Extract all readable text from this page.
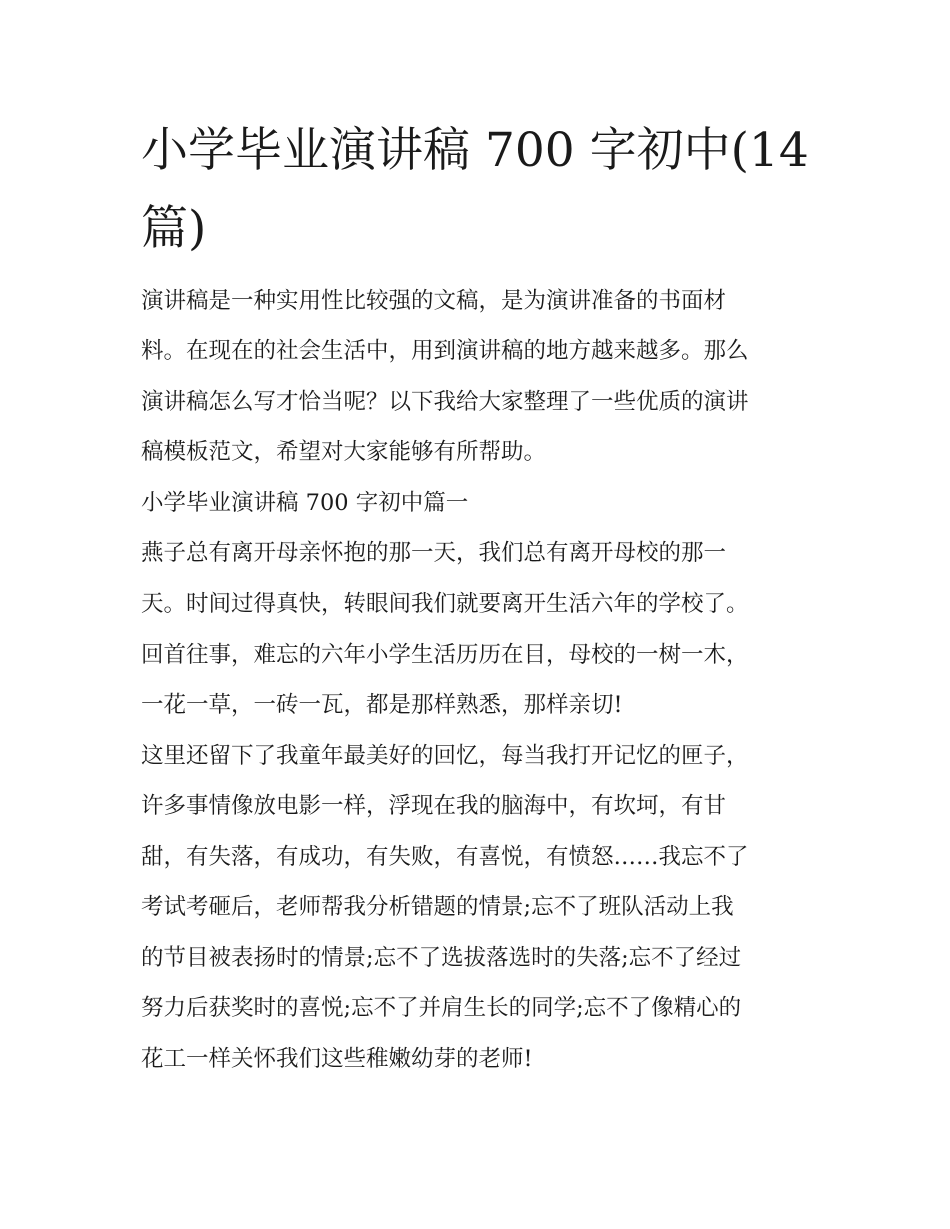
小学毕业演讲稿 700 字初中(14 篇)

演讲稿是一种实用性比较强的文稿，是为演讲准备的书面材

料。在现在的社会生活中，用到演讲稿的地方越来越多。那么

演讲稿怎么写才恰当呢？以下我给大家整理了一些优质的演讲

稿模板范文，希望对大家能够有所帮助。

小学毕业演讲稿 700 字初中篇一

燕子总有离开母亲怀抱的那一天，我们总有离开母校的那一

天。时间过得真快，转眼间我们就要离开生活六年的学校了。

回首往事，难忘的六年小学生活历历在目，母校的一树一木，

一花一草，一砖一瓦，都是那样熟悉，那样亲切!

这里还留下了我童年最美好的回忆，每当我打开记忆的匣子，

许多事情像放电影一样，浮现在我的脑海中，有坎坷，有甘

甜，有失落，有成功，有失败，有喜悦，有愤怒……我忘不了

考试考砸后，老师帮我分析错题的情景;忘不了班队活动上我

的节目被表扬时的情景;忘不了选拔落选时的失落;忘不了经过

努力后获奖时的喜悦;忘不了并肩生长的同学;忘不了像精心的

花工一样关怀我们这些稚嫩幼芽的老师!
